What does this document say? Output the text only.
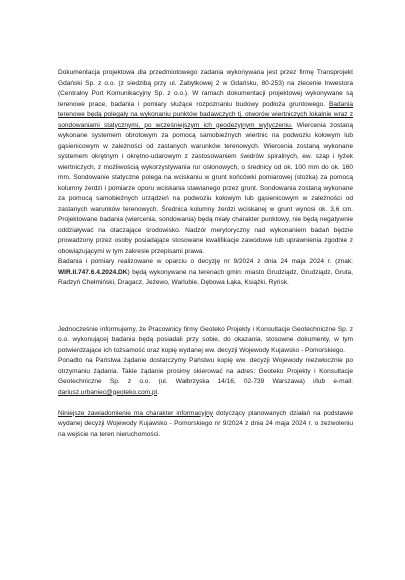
Dokumentacja projektowa dla przedmiotowego zadania wykonywana jest przez firmę Transprojekt Gdański Sp. z o.o. (z siedzibą przy ul. Zabytkowej 2 w Gdańsku, 80-253) na zlecenie Inwestora (Centralny Port Komunikacyjny Sp. z o.o.). W ramach dokumentacji projektowej wykonywane są terenowe prace, badania i pomiary służące rozpoznaniu budowy podłoża gruntowego. Badania terenowe będą polegały na wykonaniu punktów badawczych tj. otworów wiertniczych lokalnie wraz z sondowaniami statycznymi, po wcześniejszym ich geodezyjnym wytyczeniu. Wiercenia zostaną wykonane systemem obrotowym za pomocą samobieżnych wiertnic na podwoziu kołowym lub gąsienicowym w zależności od zastanych warunków terenowych. Wiercenia zostaną wykonane systemem okrętnym i okrętno-udarowym z zastosowaniem świdrów spiralnych, ew. szap i łyżek wiertniczych, z możliwością wykorzystywania rur osłonowych, o średnicy od ok. 100 mm do ok. 160 mm. Sondowanie statyczne polega na wciskaniu w grunt końcówki pomiarowej (stożka) za pomocą kolumny żerdzi i pomiarze oporu wciskania stawianego przez grunt. Sondowania zostaną wykonane za pomocą samobieżnych urządzeń na podwoziu kołowym lub gąsienicowym w zależności od zastanych warunków terenowych. Średnica kolumny żerdzi wciskanej w grunt wynosi ok. 3,6 cm. Projektowane badania (wiercenia, sondowania) będą miały charakter punktowy, nie będą negatywnie oddziaływać na otaczające środowisko. Nadzór merytoryczny nad wykonaniem badań będzie prowadzony przez osoby posiadające stosowane kwalifikacje zawodowe lub uprawnienia zgodnie z obowiązującymi w tym zakresie przepisami prawa.

Badania i pomiary realizowane w oparciu o decyzję nr 9/2024 z dnia 24 maja 2024 r. (znak: WIR.II.747.6.4.2024.DK) będą wykonywane na terenach gmin: miasto Grudziądz, Grudziądz, Gruta, Radzyń Chełmiński, Dragacz, Jeżewo, Warlubie, Dębowa Łąka, Książki, Ryńsk.

Jednocześnie informujemy, że Pracownicy firmy Geoteko Projekty i Konsultacje Geotechniczne Sp. z o.o. wykonującej badania będą posiadali przy sobie, do okazania, stosowne dokumenty, w tym potwierdzające ich tożsamość oraz kopię wydanej ww. decyzji Wojewody Kujawsko - Pomorskiego.

Ponadto na Państwa żądanie dostarczymy Państwu kopię ww. decyzji Wojewody niezwłocznie po otrzymaniu żądania. Takie żądanie prosimy skierować na adres: Geoteko Projekty i Konsultacje Geotechniczne Sp. z o.o. (ul. Wałbrzyska 14/16, 02-739 Warszawa) i/lub e-mail: dariusz.urbaniec@geoteko.com.pl.

Niniejsze zawiadomienie ma charakter informacyjny dotyczący planowanych działań na podstawie wydanej decyzji Wojewody Kujawsko - Pomorskiego nr 9/2024 z dnia 24 maja 2024 r. o zezwoleniu na wejście na teren nieruchomości.
